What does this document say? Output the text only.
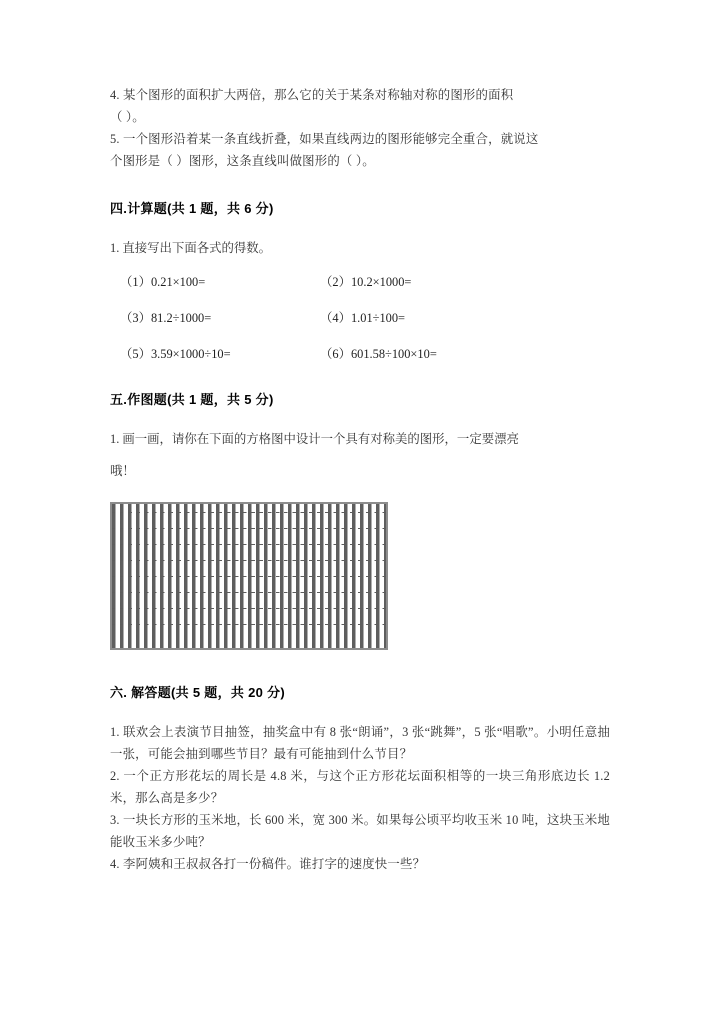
4. 某个图形的面积扩大两倍，那么它的关于某条对称轴对称的图形的面积

（ ）。

5. 一个图形沿着某一条直线折叠，如果直线两边的图形能够完全重合，就说这

个图形是（ ）图形，这条直线叫做图形的（ ）。

四.计算题(共 1 题，共 6 分)

1. 直接写出下面各式的得数。

（1）0.21×100=	（2）10.2×1000=
（3）81.2÷1000=	（4）1.01÷100=
（5）3.59×1000÷10=	（6）601.58÷100×10=
五.作图题(共 1 题，共 5 分)

1. 画一画，请你在下面的方格图中设计一个具有对称美的图形，一定要漂亮

哦！

六. 解答题(共 5 题，共 20 分)

1. 联欢会上表演节目抽签，抽奖盒中有 8 张“朗诵”，3 张“跳舞”，5 张“唱歌”。小明任意抽一张，可能会抽到哪些节目？最有可能抽到什么节目？

2. 一个正方形花坛的周长是 4.8 米，与这个正方形花坛面积相等的一块三角形底边长 1.2 米，那么高是多少？

3. 一块长方形的玉米地，长 600 米，宽 300 米。如果每公顷平均收玉米 10 吨，这块玉米地能收玉米多少吨？

4. 李阿姨和王叔叔各打一份稿件。谁打字的速度快一些？
